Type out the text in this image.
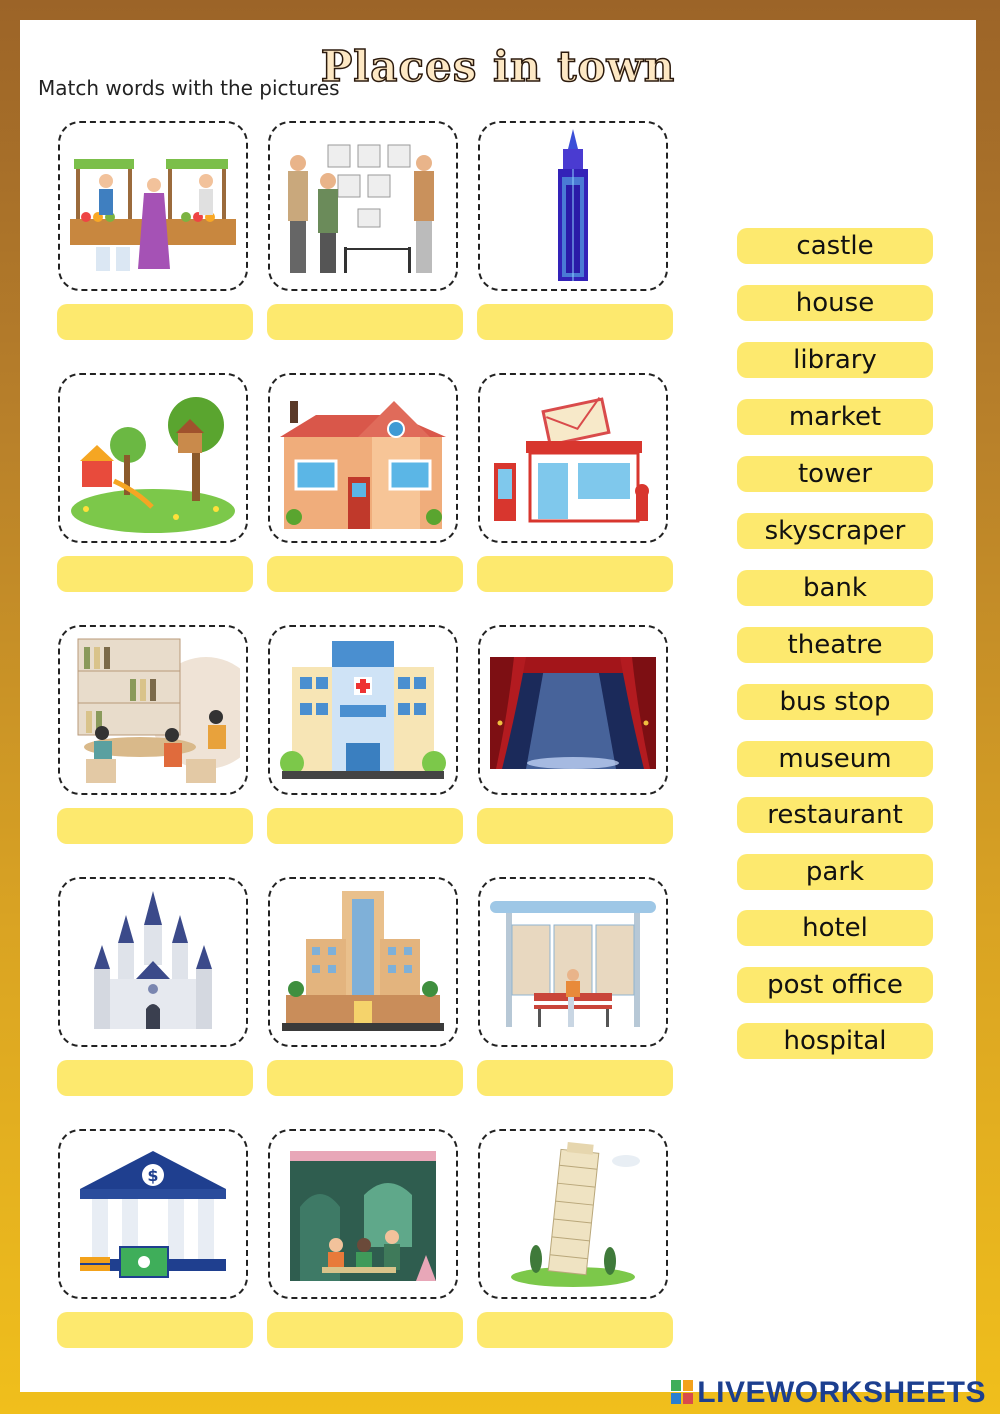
Places in town
Match words with the pictures
$
castle
house
library
market
tower
skyscraper
bank
theatre
bus stop
museum
restaurant
park
hotel
post office
hospital
LIVEWORKSHEETS
